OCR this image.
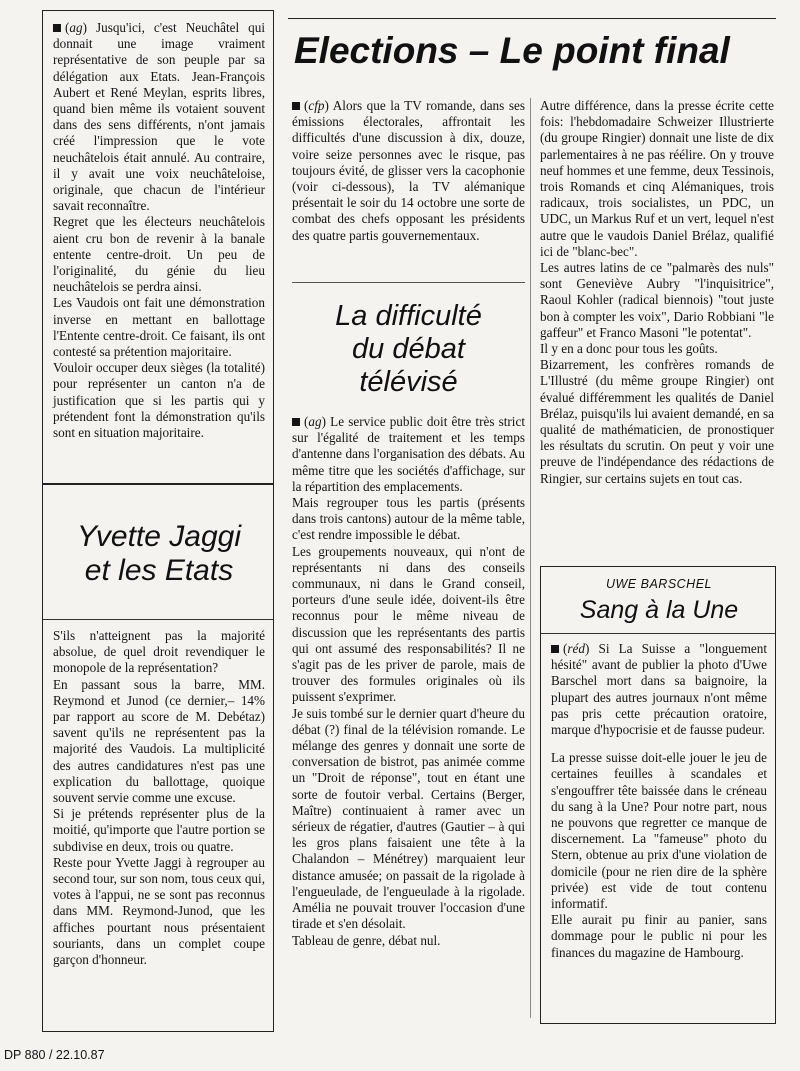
(ag) Jusqu'ici, c'est Neuchâtel qui donnait une image vraiment représentative de son peuple par sa délégation aux Etats. Jean-François Aubert et René Meylan, esprits libres, quand bien même ils votaient souvent dans des sens différents, n'ont jamais créé l'impression que le vote neuchâtelois était annulé. Au contraire, il y avait une voix neuchâteloise, originale, que chacun de l'intérieur savait reconnaître.

Regret que les électeurs neuchâtelois aient cru bon de revenir à la banale entente centre-droit. Un peu de l'originalité, du génie du lieu neuchâtelois se perdra ainsi.

Les Vaudois ont fait une démonstration inverse en mettant en ballottage l'Entente centre-droit. Ce faisant, ils ont contesté sa prétention majoritaire.

Vouloir occuper deux sièges (la totalité) pour représenter un canton n'a de justification que si les partis qui y prétendent font la démonstration qu'ils sont en situation majoritaire.

Yvette Jaggi
et les Etats

S'ils n'atteignent pas la majorité absolue, de quel droit revendiquer le monopole de la représentation?

En passant sous la barre, MM. Reymond et Junod (ce dernier,– 14% par rapport au score de M. Debétaz) savent qu'ils ne représentent pas la majorité des Vaudois. La multiplicité des autres candidatures n'est pas une explication du ballottage, quoique souvent servie comme une excuse.

Si je prétends représenter plus de la moitié, qu'importe que l'autre portion se subdivise en deux, trois ou quatre.

Reste pour Yvette Jaggi à regrouper au second tour, sur son nom, tous ceux qui, votes à l'appui, ne se sont pas reconnus dans MM. Reymond-Junod, que les affiches pourtant nous présentaient souriants, dans un complet coupe garçon d'honneur.

Elections – Le point final

(cfp) Alors que la TV romande, dans ses émissions électorales, affrontait les difficultés d'une discussion à dix, douze, voire seize personnes avec le risque, pas toujours évité, de glisser vers la cacophonie (voir ci-dessous), la TV alémanique présentait le soir du 14 octobre une sorte de combat des chefs opposant les présidents des quatre partis gouvernementaux.

La difficulté
du débat
télévisé

(ag) Le service public doit être très strict sur l'égalité de traitement et les temps d'antenne dans l'organisation des débats. Au même titre que les sociétés d'affichage, sur la répartition des emplacements.

Mais regrouper tous les partis (présents dans trois cantons) autour de la même table, c'est rendre impossible le débat.

Les groupements nouveaux, qui n'ont de représentants ni dans des conseils communaux, ni dans le Grand conseil, porteurs d'une seule idée, doivent-ils être reconnus pour le même niveau de discussion que les représentants des partis qui ont assumé des responsabilités? Il ne s'agit pas de les priver de parole, mais de trouver des formules originales où ils puissent s'exprimer.

Je suis tombé sur le dernier quart d'heure du débat (?) final de la télévision romande. Le mélange des genres y donnait une sorte de conversation de bistrot, pas animée comme un "Droit de réponse", tout en étant une sorte de foutoir verbal. Certains (Berger, Maître) continuaient à ramer avec un sérieux de régatier, d'autres (Gautier – à qui les gros plans faisaient une tête à la Chalandon – Ménétrey) marquaient leur distance amusée; on passait de la rigolade à l'engueulade, de l'engueulade à la rigolade. Amélia ne pouvait trouver l'occasion d'une tirade et s'en désolait.

Tableau de genre, débat nul.

Autre différence, dans la presse écrite cette fois: l'hebdomadaire Schweizer Illustrierte (du groupe Ringier) donnait une liste de dix parlementaires à ne pas réélire. On y trouve neuf hommes et une femme, deux Tessinois, trois Romands et cinq Alémaniques, trois radicaux, trois socialistes, un PDC, un UDC, un Markus Ruf et un vert, lequel n'est autre que le vaudois Daniel Brélaz, qualifié ici de "blanc-bec".

Les autres latins de ce "palmarès des nuls" sont Geneviève Aubry "l'inquisitrice", Raoul Kohler (radical biennois) "tout juste bon à compter les voix", Dario Robbiani "le gaffeur" et Franco Masoni "le potentat".

Il y en a donc pour tous les goûts.

Bizarrement, les confrères romands de L'Illustré (du même groupe Ringier) ont évalué différemment les qualités de Daniel Brélaz, puisqu'ils lui avaient demandé, en sa qualité de mathématicien, de pronostiquer les résultats du scrutin. On peut y voir une preuve de l'indépendance des rédactions de Ringier, sur certains sujets en tout cas.

UWE BARSCHEL
Sang à la Une

(réd) Si La Suisse a "longuement hésité" avant de publier la photo d'Uwe Barschel mort dans sa baignoire, la plupart des autres journaux n'ont même pas pris cette précaution oratoire, marque d'hypocrisie et de fausse pudeur.

La presse suisse doit-elle jouer le jeu de certaines feuilles à scandales et s'engouffrer tête baissée dans le créneau du sang à la Une? Pour notre part, nous ne pouvons que regretter ce manque de discernement. La "fameuse" photo du Stern, obtenue au prix d'une violation de domicile (pour ne rien dire de la sphère privée) est vide de tout contenu informatif.

Elle aurait pu finir au panier, sans dommage pour le public ni pour les finances du magazine de Hambourg.

DP 880 / 22.10.87
